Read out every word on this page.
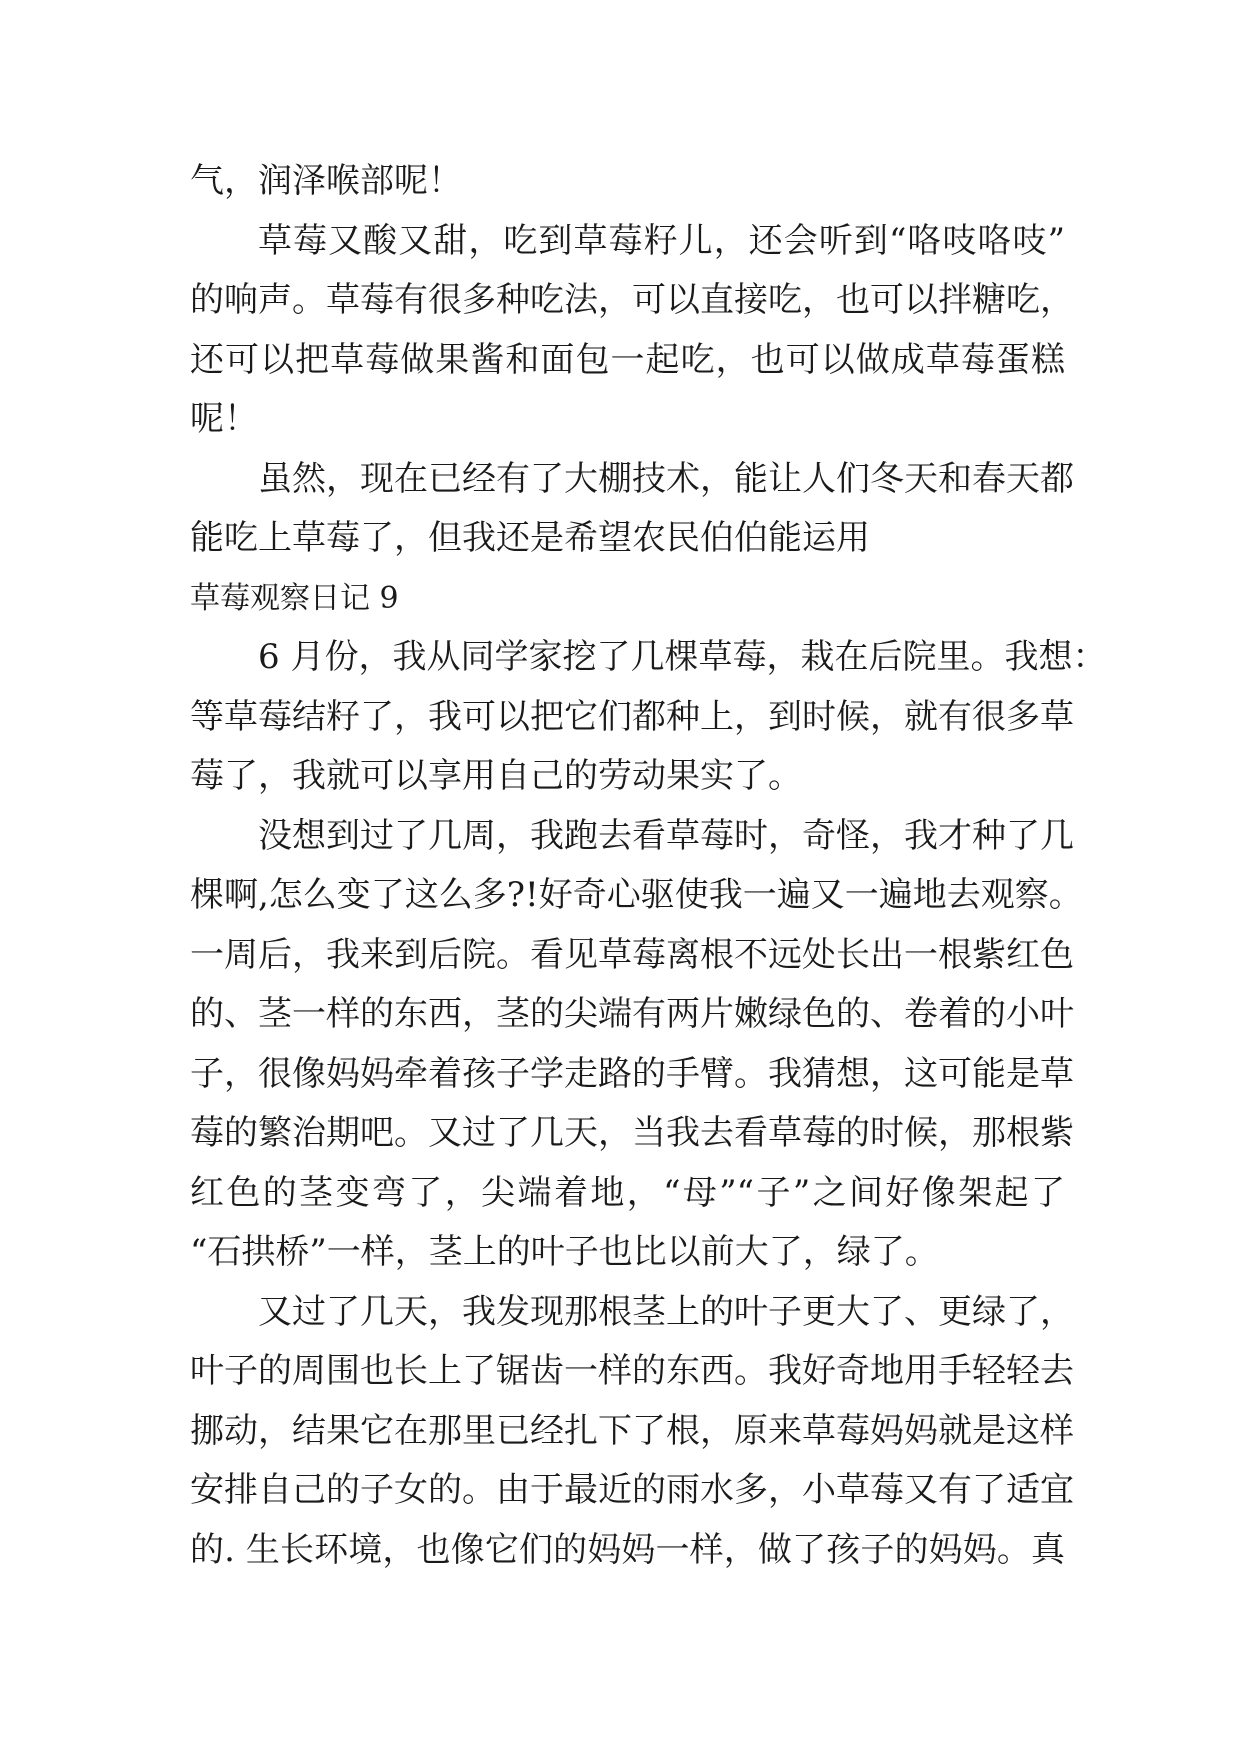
气，润泽喉部呢！
草莓又酸又甜，吃到草莓籽儿，还会听到“咯吱咯吱”
的响声。草莓有很多种吃法，可以直接吃，也可以拌糖吃，
还可以把草莓做果酱和面包一起吃，也可以做成草莓蛋糕
呢！
虽然，现在已经有了大棚技术，能让人们冬天和春天都
能吃上草莓了，但我还是希望农民伯伯能运用
草莓观察日记 9
6 月份，我从同学家挖了几棵草莓，栽在后院里。我想：
等草莓结籽了，我可以把它们都种上，到时候，就有很多草
莓了，我就可以享用自己的劳动果实了。
没想到过了几周，我跑去看草莓时，奇怪，我才种了几
棵啊,怎么变了这么多?!好奇心驱使我一遍又一遍地去观察。
一周后，我来到后院。看见草莓离根不远处长出一根紫红色
的、茎一样的东西，茎的尖端有两片嫩绿色的、卷着的小叶
子，很像妈妈牵着孩子学走路的手臂。我猜想，这可能是草
莓的繁治期吧。又过了几天，当我去看草莓的时候，那根紫
红色的茎变弯了，尖端着地，“母”“子”之间好像架起了
“石拱桥”一样，茎上的叶子也比以前大了，绿了。
又过了几天，我发现那根茎上的叶子更大了、更绿了，
叶子的周围也长上了锯齿一样的东西。我好奇地用手轻轻去
挪动，结果它在那里已经扎下了根，原来草莓妈妈就是这样
安排自己的子女的。由于最近的雨水多，小草莓又有了适宜
的. 生长环境，也像它们的妈妈一样，做了孩子的妈妈。真
